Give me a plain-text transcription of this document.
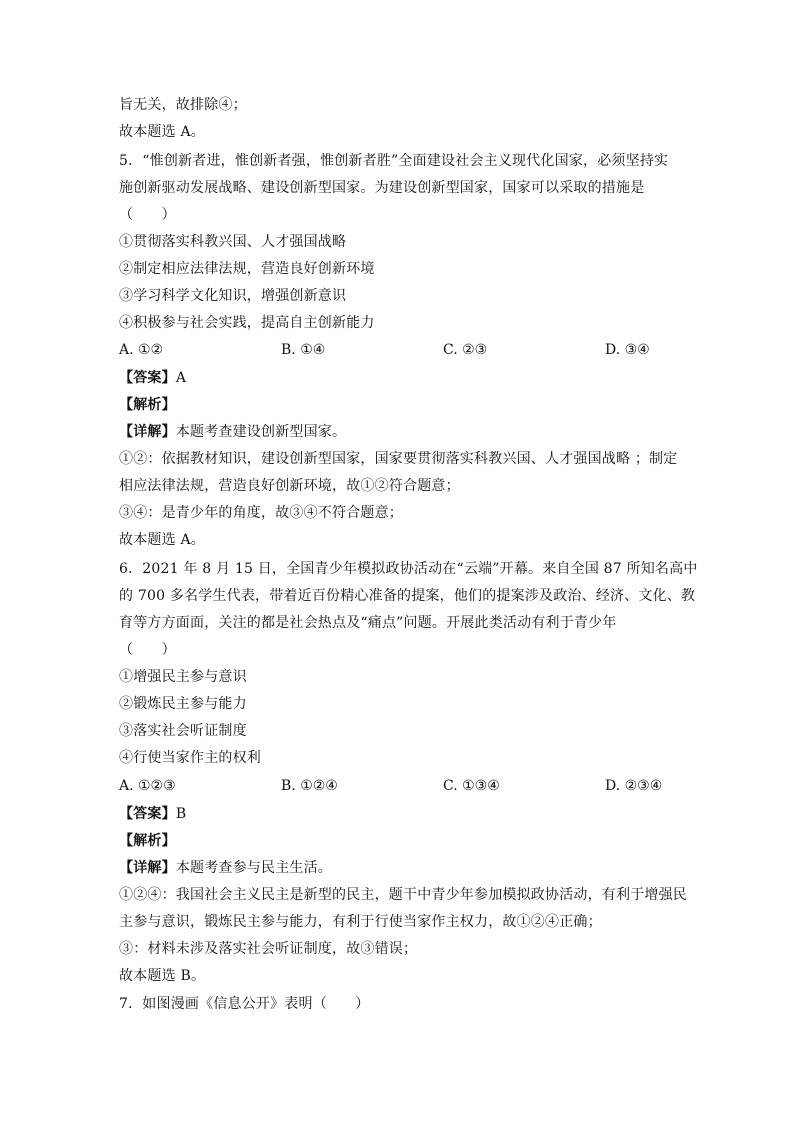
旨无关，故排除④；
故本题选 A。
5．“惟创新者进，惟创新者强，惟创新者胜”全面建设社会主义现代化国家，必须坚持实
施创新驱动发展战略、建设创新型国家。为建设创新型国家，国家可以采取的措施是
（　　）
①贯彻落实科教兴国、人才强国战略
②制定相应法律法规，营造良好创新环境
③学习科学文化知识，增强创新意识
④积极参与社会实践，提高自主创新能力
A. ①②	B. ①④	C. ②③	D. ③④
【答案】A
【解析】
【详解】本题考查建设创新型国家。
①②：依据教材知识，建设创新型国家，国家要贯彻落实科教兴国、人才强国战略 ；制定
相应法律法规，营造良好创新环境，故①②符合题意；
③④：是青少年的角度，故③④不符合题意；
故本题选 A。
6．2021 年 8 月 15 日，全国青少年模拟政协活动在“云端”开幕。来自全国 87 所知名高中
的 700 多名学生代表，带着近百份精心准备的提案，他们的提案涉及政治、经济、文化、教
育等方方面面，关注的都是社会热点及“痛点”问题。开展此类活动有利于青少年
（　　）
①增强民主参与意识
②锻炼民主参与能力
③落实社会听证制度
④行使当家作主的权利
A. ①②③	B. ①②④	C. ①③④	D. ②③④
【答案】B
【解析】
【详解】本题考查参与民主生活。
①②④：我国社会主义民主是新型的民主，题干中青少年参加模拟政协活动，有利于增强民
主参与意识，锻炼民主参与能力，有利于行使当家作主权力，故①②④正确；
③：材料未涉及落实社会听证制度，故③错误；
故本题选 B。
7．如图漫画《信息公开》表明（　　）
